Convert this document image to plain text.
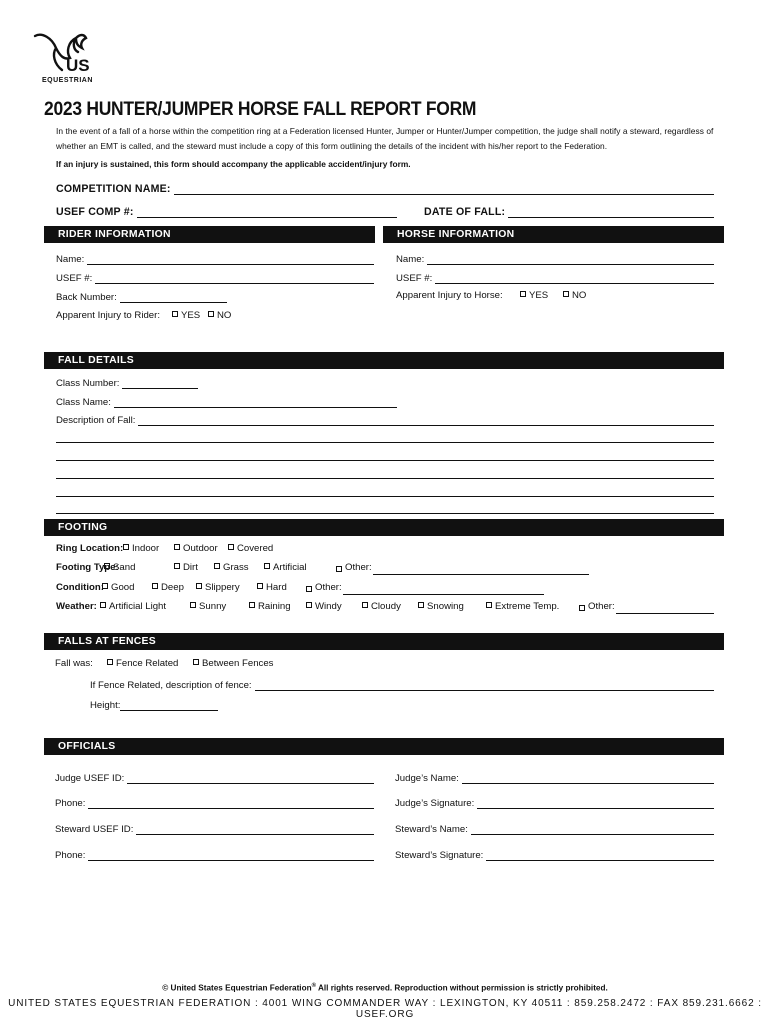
US
EQUESTRIAN
2023 HUNTER/JUMPER HORSE FALL REPORT FORM
In the event of a fall of a horse within the competition ring at a Federation licensed Hunter, Jumper or Hunter/Jumper competition, the judge shall notify a steward, regardless of whether an EMT is called, and the steward must include a copy of this form outlining the details of the incident with his/her report to the Federation.
If an injury is sustained, this form should accompany the applicable accident/injury form.
COMPETITION NAME:
USEF COMP #:	DATE OF FALL:
RIDER INFORMATION	HORSE INFORMATION
Name:
USEF #:
Back Number:
Apparent Injury to Rider:	YES	NO
Name:
USEF #:
Apparent Injury to Horse:	YES	NO
FALL DETAILS
Class Number:
Class Name:
Description of Fall:
FOOTING
Ring Location: Indoor	Outdoor	Covered
Footing Type:
Sand	Dirt	Grass	Artificial	Other:
Condition: Good	Deep	Slippery	Hard	Other:
Weather:	Artificial Light	Sunny	Raining	Windy	Cloudy	Snowing	Extreme Temp.	Other:
FALLS AT FENCES
Fall was:	Fence Related	Between Fences
If Fence Related, description of fence:
Height:
OFFICIALS
Judge USEF ID:	Judge’s Name:
Phone:	Judge’s Signature:
Steward USEF ID:	Steward’s Name:
Phone:	Steward’s Signature:
© United States Equestrian Federation® All rights reserved. Reproduction without permission is strictly prohibited.
UNITED STATES EQUESTRIAN FEDERATION : 4001 WING COMMANDER WAY : LEXINGTON, KY 40511 : 859.258.2472 : FAX 859.231.6662 : USEF.ORG
